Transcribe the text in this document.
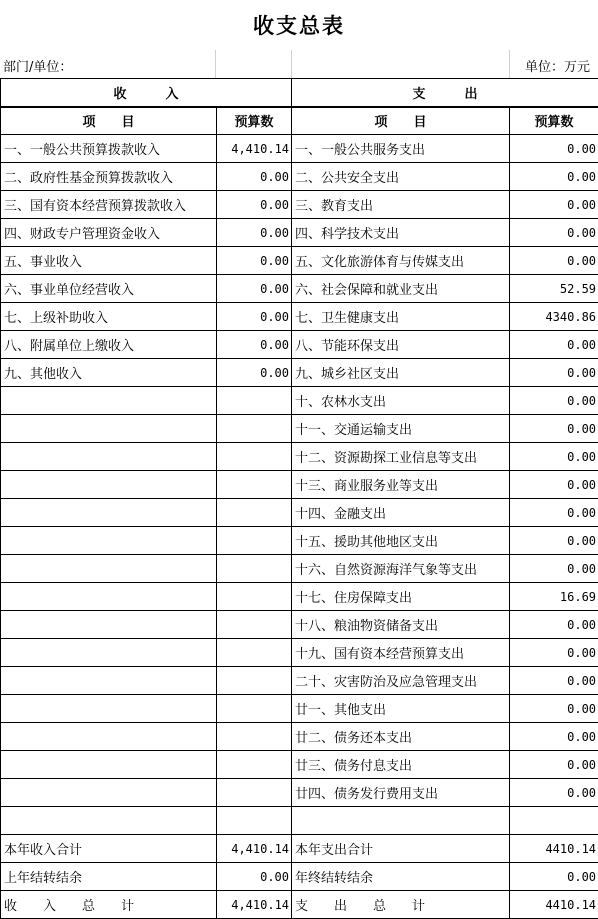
收支总表
部门/单位：	单位：万元
收　　　入		支　　　出	
项　　目	预算数	项　　目	预算数
一、一般公共预算拨款收入	4,410.14	一、一般公共服务支出	0.00
二、政府性基金预算拨款收入	0.00	二、公共安全支出	0.00
三、国有资本经营预算拨款收入	0.00	三、教育支出	0.00
四、财政专户管理资金收入	0.00	四、科学技术支出	0.00
五、事业收入	0.00	五、文化旅游体育与传媒支出	0.00
六、事业单位经营收入	0.00	六、社会保障和就业支出	52.59
七、上级补助收入	0.00	七、卫生健康支出	4340.86
八、附属单位上缴收入	0.00	八、节能环保支出	0.00
九、其他收入	0.00	九、城乡社区支出	0.00
		十、农林水支出	0.00
		十一、交通运输支出	0.00
		十二、资源勘探工业信息等支出	0.00
		十三、商业服务业等支出	0.00
		十四、金融支出	0.00
		十五、援助其他地区支出	0.00
		十六、自然资源海洋气象等支出	0.00
		十七、住房保障支出	16.69
		十八、粮油物资储备支出	0.00
		十九、国有资本经营预算支出	0.00
		二十、灾害防治及应急管理支出	0.00
		廿一、其他支出	0.00
		廿二、债务还本支出	0.00
		廿三、债务付息支出	0.00
		廿四、债务发行费用支出	0.00

本年收入合计	4,410.14	本年支出合计	4410.14
上年结转结余	0.00	年终结转结余	0.00
收　　入　　总　　计	4,410.14	支　　出　　总　　计	4410.14
